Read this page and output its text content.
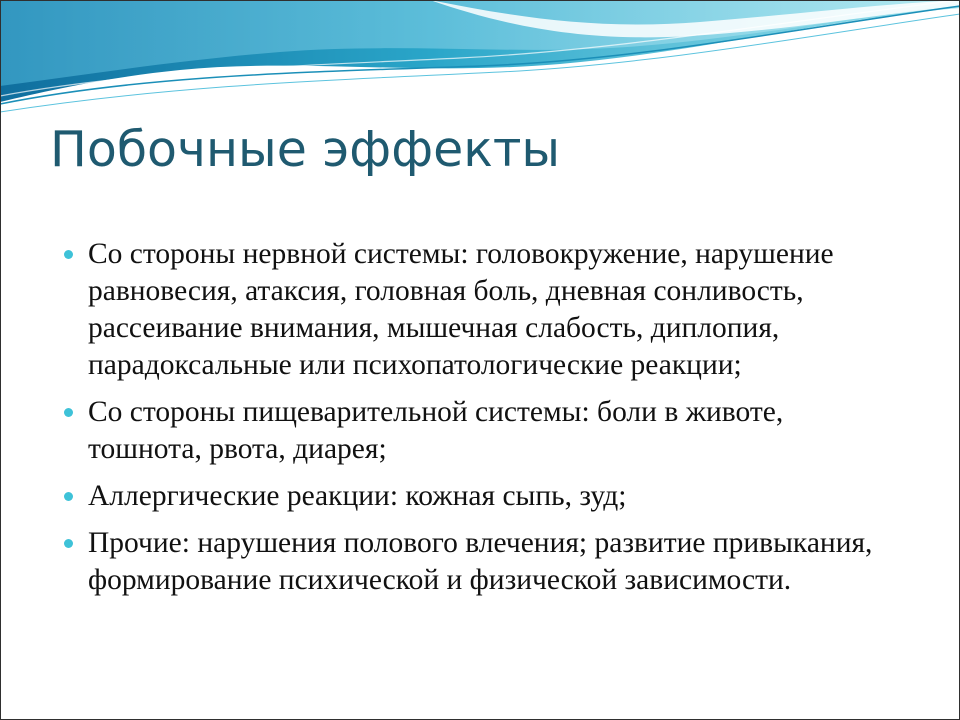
Побочные эффекты
Со стороны нервной системы: головокружение, нарушение равновесия, атаксия, головная боль, дневная сонливость, рассеивание внимания, мышечная слабость, диплопия, парадоксальные или психопатологические реакции;
Со стороны пищеварительной системы: боли в животе, тошнота, рвота, диарея;
Аллергические реакции: кожная сыпь, зуд;
Прочие: нарушения полового влечения; развитие привыкания, формирование психической и физической зависимости.
